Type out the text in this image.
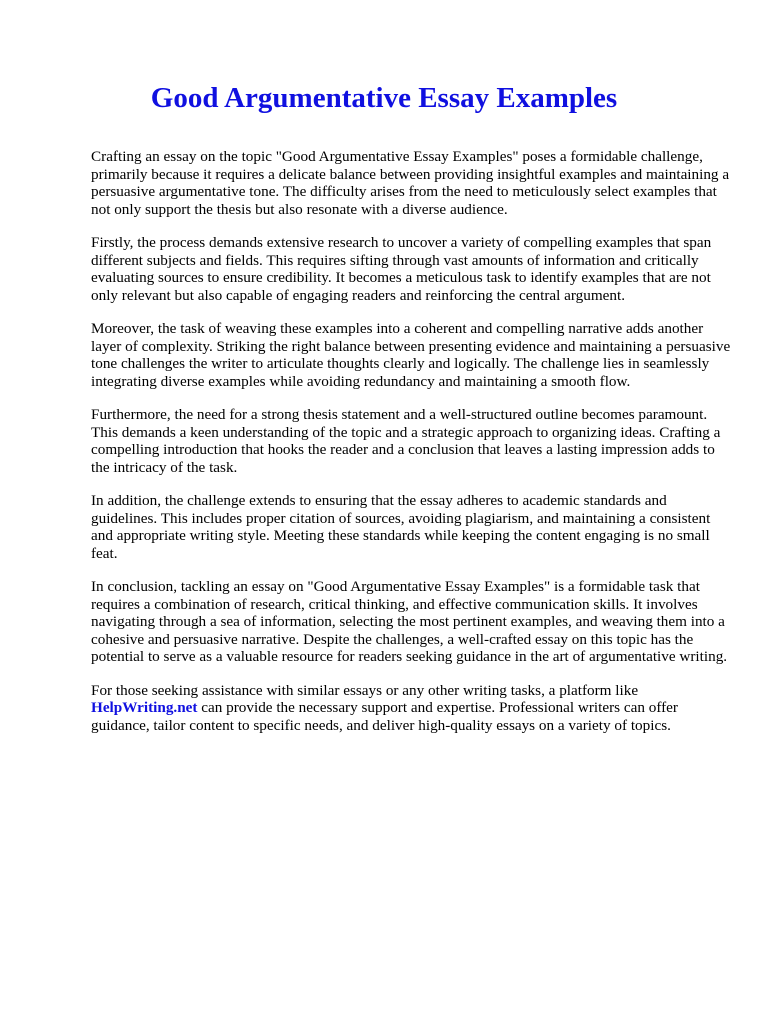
Good Argumentative Essay Examples

Crafting an essay on the topic "Good Argumentative Essay Examples" poses a formidable challenge, primarily because it requires a delicate balance between providing insightful examples and maintaining a persuasive argumentative tone. The difficulty arises from the need to meticulously select examples that not only support the thesis but also resonate with a diverse audience.

Firstly, the process demands extensive research to uncover a variety of compelling examples that span different subjects and fields. This requires sifting through vast amounts of information and critically evaluating sources to ensure credibility. It becomes a meticulous task to identify examples that are not only relevant but also capable of engaging readers and reinforcing the central argument.

Moreover, the task of weaving these examples into a coherent and compelling narrative adds another layer of complexity. Striking the right balance between presenting evidence and maintaining a persuasive tone challenges the writer to articulate thoughts clearly and logically. The challenge lies in seamlessly integrating diverse examples while avoiding redundancy and maintaining a smooth flow.

Furthermore, the need for a strong thesis statement and a well-structured outline becomes paramount. This demands a keen understanding of the topic and a strategic approach to organizing ideas. Crafting a compelling introduction that hooks the reader and a conclusion that leaves a lasting impression adds to the intricacy of the task.

In addition, the challenge extends to ensuring that the essay adheres to academic standards and guidelines. This includes proper citation of sources, avoiding plagiarism, and maintaining a consistent and appropriate writing style. Meeting these standards while keeping the content engaging is no small feat.

In conclusion, tackling an essay on "Good Argumentative Essay Examples" is a formidable task that requires a combination of research, critical thinking, and effective communication skills. It involves navigating through a sea of information, selecting the most pertinent examples, and weaving them into a cohesive and persuasive narrative. Despite the challenges, a well-crafted essay on this topic has the potential to serve as a valuable resource for readers seeking guidance in the art of argumentative writing.

For those seeking assistance with similar essays or any other writing tasks, a platform like HelpWriting.net can provide the necessary support and expertise. Professional writers can offer guidance, tailor content to specific needs, and deliver high-quality essays on a variety of topics.
